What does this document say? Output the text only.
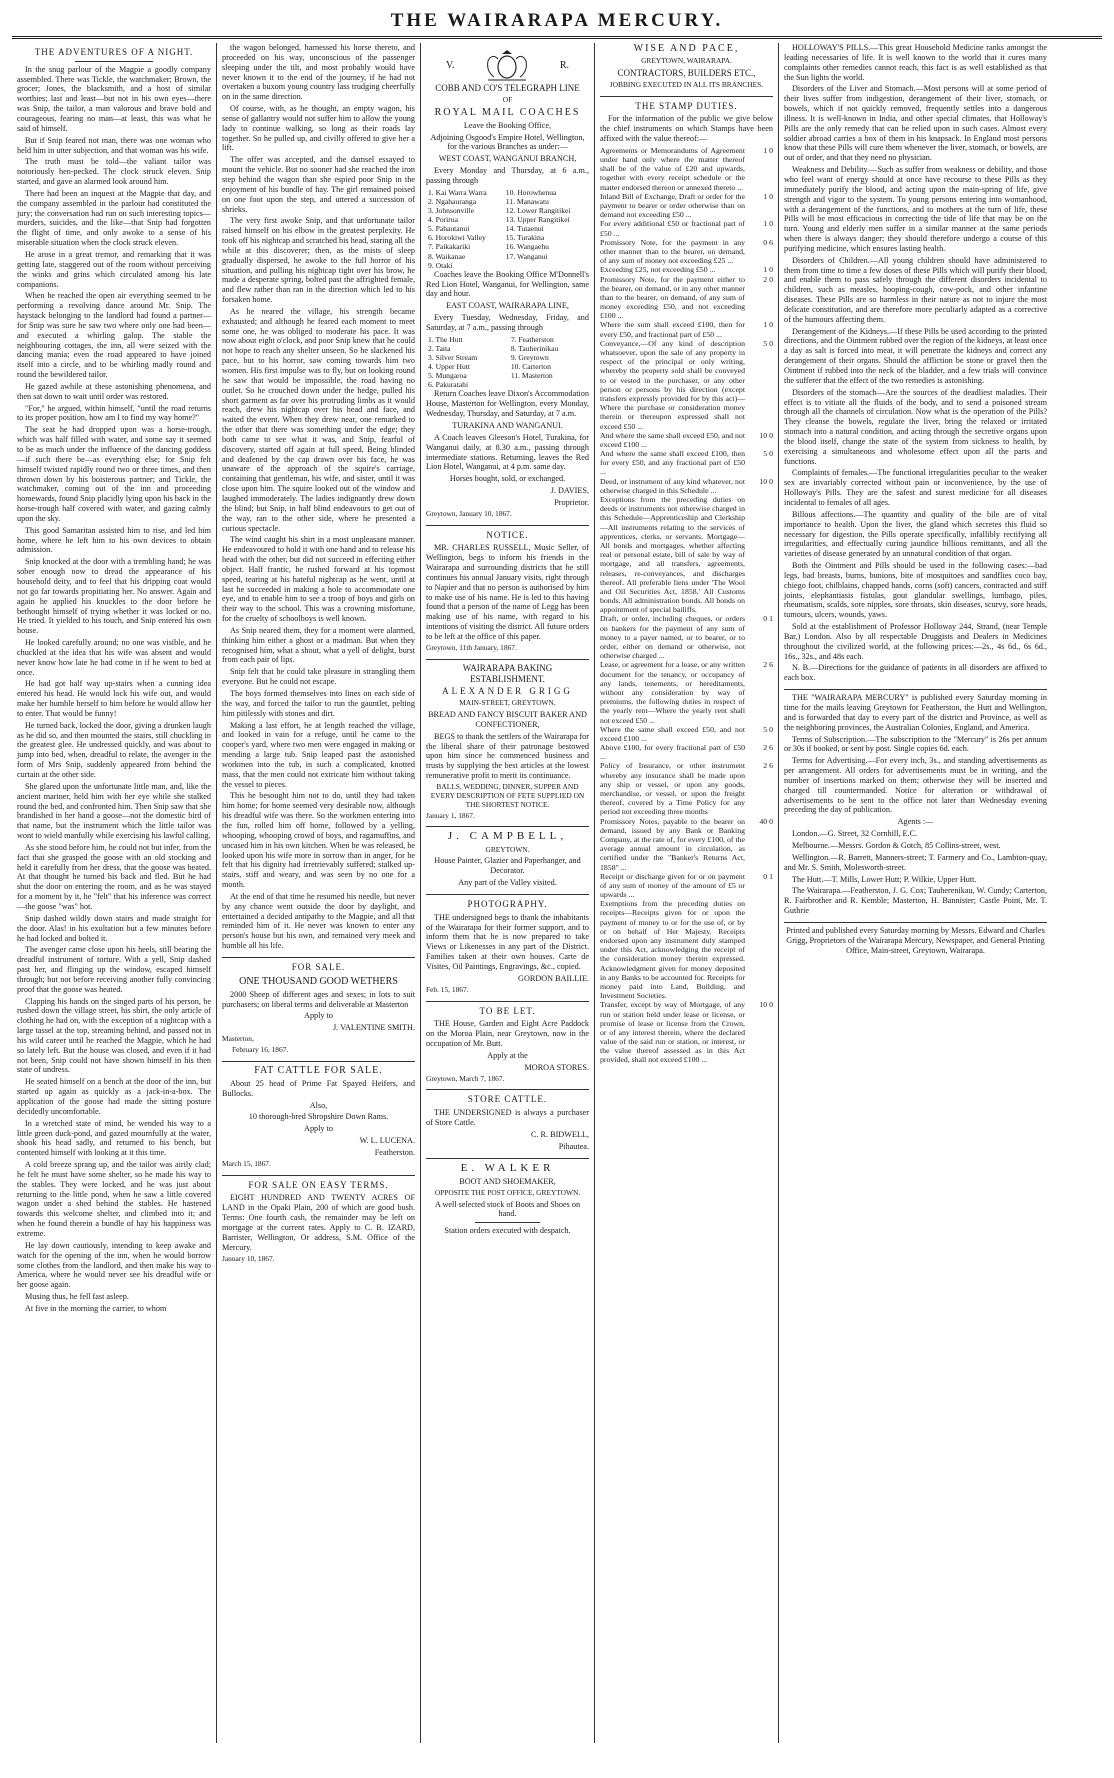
THE WAIRARAPA MERCURY.
THE ADVENTURES OF A NIGHT.

In the snug parlour of the Magpie a goodly company assembled. There was Tickle, the watchmaker; Brown, the grocer; Jones, the blacksmith, and a host of similar worthies; last and least—but not in his own eyes—there was Snip, the tailor, a man valorous and brave bold and courageous, fearing no man—at least, this was what he said of himself.

But if Snip feared not man, there was one woman who held him in utter subjection, and that woman was his wife.

The truth must be told—the valiant tailor was notoriously hen-pecked. The clock struck eleven. Snip started, and gave an alarmed look around him.

There had been an inquest at the Magpie that day, and the company assembled in the parlour had constituted the jury; the conversation had run on such interesting topics—murders, suicides, and the like—that Snip had forgotten the flight of time, and only awoke to a sense of his miserable situation when the clock struck eleven.

He arose in a great tremor, and remarking that it was getting late, staggered out of the room without perceiving the winks and grins which circulated among his late companions.

When he reached the open air everything seemed to be performing a revolving dance around Mr. Snip. The haystack belonging to the landlord had found a partner—for Snip was sure he saw two where only one had been—and executed a whirling galop. The stable the neighbouring cottages, the inn, all were seized with the dancing mania; even the road appeared to have joined itself into a circle, and to be whirling madly round and round the bewildered tailor.

He gazed awhile at these astonishing phenomena, and then sat down to wait until order was restored.

"For," he argued, within himself, "until the road returns to its proper position, how am I to find my way home?"

The seat he had dropped upon was a horse-trough, which was half filled with water, and some say it seemed to be as much under the influence of the dancing goddess—if such there be—as everything else; for Snip felt himself twisted rapidly round two or three times, and then thrown down by his boisterous partner; and Tickle, the watchmaker, coming out of the inn and proceeding homewards, found Snip placidly lying upon his back in the horse-trough half covered with water, and gazing calmly upon the sky.

This good Samaritan assisted him to rise, and led him home, where he left him to his own devices to obtain admission.

Snip knocked at the door with a trembling hand; he was sober enough now to dread the appearance of his household deity, and to feel that his dripping coat would not go far towards propitiating her. No answer. Again and again he applied his knuckles to the door before he bethought himself of trying whether it was locked or no. He tried. It yielded to his touch, and Snip entered his own house.

He looked carefully around; no one was visible, and he chuckled at the idea that his wife was absent and would never know how late he had come in if he went to bed at once.

He had got half way up-stairs when a cunning idea entered his head. He would lock his wife out, and would make her humble herself to him before he would allow her to enter. That would be funny!

He turned back, locked the door, giving a drunken laugh as he did so, and then mounted the stairs, still chuckling in the greatest glee. He undressed quickly, and was about to jump into bed, when, dreadful to relate, the avenger in the form of Mrs Snip, suddenly appeared from behind the curtain at the other side.

She glared upon the unfortunate little man, and, like the ancient mariner, held him with her eye while she stalked round the bed, and confronted him. Then Snip saw that she brandished in her hand a goose—not the domestic bird of that name, but the instrument which the little tailor was wont to wield manfully while exercising his lawful calling.

As she stood before him, he could not but infer, from the fact that she grasped the goose with an old stocking and held it carefully from her dress, that the goose was heated. At that thought he turned his back and fled. But he had shut the door on entering the room, and as he was stayed for a moment by it, he "felt" that his inference was correct—the goose "was" hot.

Snip dashed wildly down stairs and made straight for the door. Alas! in his exultation but a few minutes before he had locked and bolted it.

The avenger came close upon his heels, still bearing the dreadful instrument of torture. With a yell, Snip dashed past her, and flinging up the window, escaped himself through; but not before receiving another fully convincing proof that the goose was heated.

Clapping his hands on the singed parts of his person, he rushed down the village street, his shirt, the only article of clothing he had on, with the exception of a nightcap with a large tassel at the top, streaming behind, and passed not in his wild career until he reached the Magpie, which he had so lately left. But the house was closed, and even if it had not been, Snip could not have shown himself in his then state of undress.

He seated himself on a bench at the door of the inn, but started up again as quickly as a jack-in-a-box. The application of the goose had made the sitting posture decidedly uncomfortable.

In a wretched state of mind, he wended his way to a little green duck-pond, and gazed mournfully at the water, shook his head sadly, and returned to his bench, but contented himself with looking at it this time.

A cold breeze sprang up, and the tailor was airily clad; he felt he must have some shelter, so he made his way to the stables. They were locked, and he was just about returning to the little pond, when he saw a little covered wagon under a shed behind the stables. He hastened towards this welcome shelter, and climbed into it; and when he found therein a bundle of hay his happiness was extreme.

He lay down cautiously, intending to keep awake and watch for the opening of the inn, when he would borrow some clothes from the landlord, and then make his way to America, where he would never see his dreadful wife or her goose again.

Musing thus, he fell fast asleep.

At five in the morning the carrier, to whom

the wagon belonged, harnessed his horse thereto, and proceeded on his way, unconscious of the passenger sleeping under the tilt, and most probably would have never known it to the end of the journey, if he had not overtaken a buxom young country lass trudging cheerfully on in the same direction.

Of course, with, as he thought, an empty wagon, his sense of gallantry would not suffer him to allow the young lady to continue walking, so long as their roads lay together. So he pulled up, and civilly offered to give her a lift.

The offer was accepted, and the damsel essayed to mount the vehicle. But no sooner had she reached the iron step behind the wagon than she espied poor Snip in the enjoyment of his bundle of hay. The girl remained poised on one foot upon the step, and uttered a succession of shrieks.

The very first awoke Snip, and that unfortunate tailor raised himself on his elbow in the greatest perplexity. He took off his nightcap and scratched his head, staring all the while at this discoverer; then, as the mists of sleep gradually dispersed, he awoke to the full horror of his situation, and pulling his nightcap tight over his brow, he made a desperate spring, bolted past the affrighted female, and flew rather than ran in the direction which led to his forsaken home.

As he neared the village, his strength became exhausted; and although he feared each moment to meet some one, he was obliged to moderate his pace. It was now about eight o'clock, and poor Snip knew that he could not hope to reach any shelter unseen. So he slackened his pace, but to his horror, saw coming towards him two women. His first impulse was to fly, but on looking round he saw that would be impossible, the road having no outlet. So he crouched down under the hedge, pulled his short garment as far over his protruding limbs as it would reach, drew his nightcap over his head and face, and waited the event. When they drew near, one remarked to the other that there was something under the edge; they both came to see what it was, and Snip, fearful of discovery, started off again at full speed. Being blinded and deafened by the cap drawn over his face, he was unaware of the approach of the squire's carriage, containing that gentleman, his wife, and sister, until it was close upon him. The squire looked out of the window and laughed immoderately. The ladies indignantly drew down the blind; but Snip, in half blind endeavours to get out of the way, ran to the other side, where he presented a curious spectacle.

The wind caught his shirt in a most unpleasant manner. He endeavoured to hold it with one hand and to release his head with the other, but did not succeed in effecting either object. Half frantic, he rushed forward at his topmost speed, tearing at his hateful nightcap as he went, until at last he succeeded in making a hole to accommodate one eye, and to enable him to see a troop of boys and girls on their way to the school. This was a crowning misfortune, for the cruelty of schoolboys is well known.

As Snip neared them, they for a moment were alarmed, thinking him either a ghost or a madman. But when they recognised him, what a shout, what a yell of delight, burst from each pair of lips.

Snip felt that he could take pleasure in strangling them everyone. But he could not escape.

The boys formed themselves into lines on each side of the way, and forced the tailor to run the gauntlet, pelting him pitilessly with stones and dirt.

Making a last effort, he at length reached the village, and looked in vain for a refuge, until he came to the cooper's yard, where two men were engaged in making or mending a large tub. Snip leaped past the astonished workmen into the tub, in such a complicated, knotted mass, that the men could not extricate him without taking the vessel to pieces.

This he besought him not to do, until they had taken him home; for home seemed very desirable now, although his dreadful wife was there. So the workmen entering into the fun, rolled him off home, followed by a yelling, whooping, whooping crowd of boys, and ragamuffins, and uncased him in his own kitchen. When he was released, he looked upon his wife more in sorrow than in anger, for he felt that his dignity had irretrievably suffered; stalked up-stairs, stiff and weary, and was seen by no one for a month.

At the end of that time he resumed his needle, but never by any chance went outside the door by daylight, and entertained a decided antipathy to the Magpie, and all that reminded him of it. He never was known to enter any person's house but his own, and remained very meek and humble all his life.

FOR SALE.

ONE THOUSAND GOOD WETHERS

2000 Sheep of different ages and sexes; in lots to suit purchasers; on liberal terms and deliverable at Masterton

Apply to

J. VALENTINE SMITH.

Masterton,

February 16, 1867.

FAT CATTLE FOR SALE.

About 25 head of Prime Fat Spayed Heifers, and Bullocks.

Also,

10 thorough-bred Shropshire Down Rams.

Apply to

W. L. LUCENA.

Featherston.

March 15, 1867.

FOR SALE ON EASY TERMS.

EIGHT HUNDRED AND TWENTY ACRES OF LAND in the Opaki Plain, 200 of which are good bush. Terms: One fourth cash, the remainder may be left on mortgage at the current rates. Apply to C. B. IZARD, Barrister, Wellington, Or address, S.M. Office of the Mercury.

January 10, 1867.

V.	R.

COBB AND CO'S TELEGRAPH LINE

OF

ROYAL MAIL COACHES

Leave the Booking Office,

Adjoining Osgood's Empire Hotel, Wellington, for the various Branches as under:—

WEST COAST, WANGANUI BRANCH,

Every Monday and Thursday, at 6 a.m., passing through

1. Kai Warra Warra	10. Horowhenua
2. Ngahauranga	11. Manawatu
3. Johnsonville	12. Lower Rangitikei
4. Porirua	13. Upper Rangitikei
5. Pahautanui	14. Tutaenui
6. Horokiwi Valley	15. Turakina
7. Paikakariki	16. Wangaehu
8. Waikanae	17. Wanganui
9. Otaki	

Coaches leave the Booking Office M'Donnell's Red Lion Hotel, Wanganui, for Wellington, same day and hour.

EAST COAST, WAIRARAPA LINE,

Every Tuesday, Wednesday, Friday, and Saturday, at 7 a.m., passing through

1. The Hutt	7. Featherston
2. Taita	8. Tauherinikau
3. Silver Stream	9. Greytown
4. Upper Hutt	10. Carterton
5. Mungaroa	11. Masterton
6. Pakuratahi	

Return Coaches leave Dixon's Accommodation House, Masterton for Wellington, every Monday, Wednesday, Thursday, and Saturday, at 7 a.m.

TURAKINA AND WANGANUI.

A Coach leaves Gleeson's Hotel, Turakina, for Wanganui daily, at 8.30 a.m., passing through intermediate stations. Returning, leaves the Red Lion Hotel, Wanganui, at 4 p.m. same day.

Horses bought, sold, or exchanged.

J. DAVIES,

Proprietor.

Greytown, January 10, 1867.

NOTICE.

MR. CHARLES RUSSELL, Music Seller, of Wellington, begs to inform his friends in the Wairarapa and surrounding districts that he still continues his annual January visits, right through to Napier and that no person is authorised by him to make use of his name. He is led to this having found that a person of the name of Legg has been making use of his name, with regard to his intentions of visiting the district. All future orders to be left at the office of this paper.

Greytown, 11th January, 1867.

WAIRARAPA BAKING ESTABLISHMENT.

ALEXANDER GRIGG

MAIN-STREET, GREYTOWN,

BREAD AND FANCY BISCUIT BAKER AND CONFECTIONER,

BEGS to thank the settlers of the Wairarapa for the liberal share of their patronage bestowed upon him since he commenced business and trusts by supplying the best articles at the lowest remunerative profit to merit its continuance.

BALLS, WEDDING, DINNER, SUPPER AND EVERY DESCRIPTION OF FETE SUPPLIED ON THE SHORTEST NOTICE.

January 1, 1867.

J. CAMPBELL,

GREYTOWN.

House Painter, Glazier and Paperhanger, and Decorator.

Any part of the Valley visited.

PHOTOGRAPHY.

THE undersigned begs to thank the inhabitants of the Wairarapa for their former support, and to inform them that he is now prepared to take Views or Likenesses in any part of the District. Families taken at their own houses. Carte de Visites, Oil Paintings, Engravings, &c., copied.

GORDON BAILLIE.

Feb. 15, 1867.

TO BE LET.

THE House, Garden and Eight Acre Paddock on the Moroa Plain, near Greytown, now in the occupation of Mr. Butt.

Apply at the

MOROA STORES.

Greytown, March 7, 1867.

STORE CATTLE.

THE UNDERSIGNED is always a purchaser of Store Cattle.

C. R. BIDWELL,

Pihautea.

E. WALKER

BOOT AND SHOEMAKER,

OPPOSITE THE POST OFFICE, GREYTOWN.

A well selected stock of Boots and Shoes on hand.

Station orders executed with despatch.

WISE AND PACE,

GREYTOWN, WAIRARAPA.

CONTRACTORS, BUILDERS ETC.,

JOBBING EXECUTED IN ALL ITS BRANCHES.

THE STAMP DUTIES.

For the information of the public we give below the chief instruments on which Stamps have been affixed with the value thereof:—

Agreements or Memorandums of Agreement under hand only where the matter thereof shall be of the value of £20 and upwards, together with every receipt schedule or the matter endorsed thereon or annexed thereto ...
1 0
Inland Bill of Exchange, Draft or order for the payment to bearer or order otherwise than on demand not exceeding £50 ...
1 0
For every additional £50 or fractional part of £50 ...
1 0
Promissory Note, for the payment in any other manner than to the bearer, on demand, of any sum of money not exceeding £25 ...
0 6
Exceeding £25, not exceeding £50 ...	1 0
Promissory Note, for the payment either to the bearer, on demand, or in any other manner than to the bearer, on demand, of any sum of money exceeding £50, and not exceeding £100 ...
2 0
Where the sum shall exceed £100, then for every £50, and fractional part of £50 ...
1 0
Conveyance,—Of any kind of description whatsoever, upon the sale of any property in respect of the principal or only writing, whereby the property sold shall be conveyed to or vested in the purchaser, or any other person or persons by his direction (except transfers expressly provided for by this act)—Where the purchase or consideration money therein or thereupon expressed shall not exceed £50 ...
5 0
And where the same shall exceed £50, and not exceed £100 ...
10 0
And where the same shall exceed £100, then for every £50, and any fractional part of £50 ...
5 0
Deed, or instrument of any kind whatever, not otherwise charged in this Schedule ...
10 0
Exceptions from the preceding duties on deeds or instruments not otherwise charged in this Schedule—Apprenticeship and Clerkship—All instruments relating to the services of apprentices, clerks, or servants. Mortgage—All bonds and mortgages, whether affecting real or personal estate, bill of sale by way of mortgage, and all transfers, agreements, releases, re-conveyances, and discharges thereof. All preferable liens under 'The Wool and Oil Securities Act, 1858.' All Customs bonds. All administration bonds. All bonds on appointment of special bailiffs.
Draft, or order, including cheques, or orders on bankers for the payment of any sum of money to a payer named, or to bearer, or to order, either on demand or otherwise, not otherwise charged ...
0 1
Lease, or agreement for a lease, or any written document for the tenancy, or occupancy of any lands, tenements, or hereditaments, without any consideration by way of premiums, the following duties in respect of the yearly rent—Where the yearly rent shall not exceed £50 ...
2 6
Where the same shall exceed £50, and not exceed £100 ...
5 0
Above £100, for every fractional part of £50 ...
2 6
Policy of Insurance, or other instrument whereby any insurance shall be made upon any ship or vessel, or upon any goods, merchandise, or vessel, or upon the freight thereof, covered by a Time Policy for any period not exceeding three months
2 6
Promissory Notes, payable to the bearer on demand, issued by any Bank or Banking Company, at the rate of, for every £100, of the average annual amount in circulation, as certified under the "Banker's Returns Act, 1858" ...
40 0
Receipt or discharge given for or on payment of any sum of money of the amount of £5 or upwards ...
0 1
Exemptions from the preceding duties on receipts—Receipts given for or upon the payment of money to or for the use of, or by or on behalf of Her Majesty. Receipts endorsed upon any instrument duly stamped under this Act, acknowledging the receipt of the consideration money therein expressed. Acknowledgment given for money deposited in any Banks to be accounted for. Receipts for money paid into Land, Building, and Investment Societies.
Transfer, except by way of Mortgage, of any run or station held under lease or license, or promise of lease or license from the Crown, or of any interest therein, where the declared value of the said run or station, or interest, or the value thereof assessed as in this Act provided, shall not exceed £100 ...
10 0

HOLLOWAY'S PILLS.—This great Household Medicine ranks amongst the leading necessaries of life. It is well known to the world that it cures many complaints other remedies cannot reach, this fact is as well established as that the Sun lights the world.

Disorders of the Liver and Stomach.—Most persons will at some period of their lives suffer from indigestion, derangement of their liver, stomach, or bowels, which if not quickly removed, frequently settles into a dangerous illness. It is well-known in India, and other special climates, that Holloway's Pills are the only remedy that can be relied upon in such cases. Almost every soldier abroad carries a box of them in his knapsack. In England most persons know that these Pills will cure them whenever the liver, stomach, or bowels, are out of order, and that they need no physician.

Weakness and Debility.—Such as suffer from weakness or debility, and those who feel want of energy should at once have recourse to these Pills as they immediately purify the blood, and acting upon the main-spring of life, give strength and vigor to the system. To young persons entering into womanhood, with a derangement of the functions, and to mothers at the turn of life, these Pills will be most efficacious in correcting the tide of life that may be on the turn. Young and elderly men suffer in a similar manner at the same periods when there is always danger; they should therefore undergo a course of this purifying medicine, which ensures lasting health.

Disorders of Children.—All young children should have administered to them from time to time a few doses of these Pills which will purify their blood, and enable them to pass safely through the different disorders incidental to children, such as measles, hooping-cough, cow-pock, and other infantine diseases. These Pills are so harmless in their nature as not to injure the most delicate constitution, and are therefore more peculiarly adapted as a corrective of the humours affecting them.

Derangement of the Kidneys.—If these Pills be used according to the printed directions, and the Ointment rubbed over the region of the kidneys, at least once a day as salt is forced into meat, it will penetrate the kidneys and correct any derangement of their organs. Should the affliction be stone or gravel then the Ointment if rubbed into the neck of the bladder, and a few trials will convince the sufferer that the effect of the two remedies is astonishing.

Disorders of the stomach—Are the sources of the deadliest maladies. Their effect is to vitiate all the fluids of the body, and to send a poisoned stream through all the channels of circulation. Now what is the operation of the Pills? They cleanse the bowels, regulate the liver, bring the relaxed or irritated stomach into a natural condition, and acting through the secretive organs upon the blood itself, change the state of the system from sickness to health, by exercising a simultaneous and wholesome effect upon all the parts and functions.

Complaints of females.—The functional irregularities peculiar to the weaker sex are invariably corrected without pain or inconvenience, by the use of Holloway's Pills. They are the safest and surest medicine for all diseases incidental to females of all ages.

Billous affections.—The quantity and quality of the bile are of vital importance to health. Upon the liver, the gland which secretes this fluid so necessary for digestion, the Pills operate specifically, infallibly rectifying all irregularities, and effectually curing jaundice billious remittants, and all the varieties of disease generated by an unnatural condition of that organ.

Both the Ointment and Pills should be used in the following cases:—bad legs, bad breasts, burns, bunions, bite of mosquitoes and sandflies coco bay, chiego foot, chilblains, chapped hands, corns (soft) cancers, contracted and stiff joints, elephantiasis fistulas, gout glandular swellings, lumbago, piles, rheumatism, scalds, sore nipples, sore throats, skin diseases, scurvy, sore heads, tumours, ulcers, wounds, yaws.

Sold at the establishment of Professor Holloway 244, Strand, (near Temple Bar,) London. Also by all respectable Druggists and Dealers in Medicines throughout the civilized world, at the following prices:—2s., 4s 6d., 6s 6d., 16s., 32s., and 48s each.

N. B.—Directions for the guidance of patients in all disorders are affixed to each box.

THE "WAIRARAPA MERCURY" is published every Saturday morning in time for the mails leaving Greytown for Featherston, the Hutt and Wellington, and is forwarded that day to every part of the district and Province, as well as the neighboring provinces, the Australian Colonies, England, and America.

Terms of Subscription.—The subscription to the "Mercury" is 26s per annum or 30s if booked, or sent by post. Single copies 6d. each.

Terms for Advertising.—For every inch, 3s., and standing advertisements as per arrangement. All orders for advertisements must be in writing, and the number of insertions marked on them; otherwise they will be inserted and charged till countermanded. Notice for alteration or withdrawal of advertisements to be sent to the office not later than Wednesday evening preceding the day of publication.

Agents :—

London.—G. Street, 32 Cornhill, E.C.

Melbourne.—Messrs. Gordon & Gotch, 85 Collins-street, west.

Wellington.—R. Barrett, Manners-street; T. Farmery and Co., Lambton-quay, and Mr. S. Smith, Molesworth-street.

The Hutt.—T. Mills, Lower Hutt; P. Wilkie, Upper Hutt.

The Wairarapa.—Featherston, J. G. Cox; Tauherenikau, W. Cundy; Carterton, R. Fairbrother and R. Kemble; Masterton, H. Bannister; Castle Point, Mr. T. Guthrie

Printed and published every Saturday morning by Messrs. Edward and Charles Grigg, Proprietors of the Wairarapa Mercury, Newspaper, and General Printing Office, Main-street, Greytown, Wairarapa.
